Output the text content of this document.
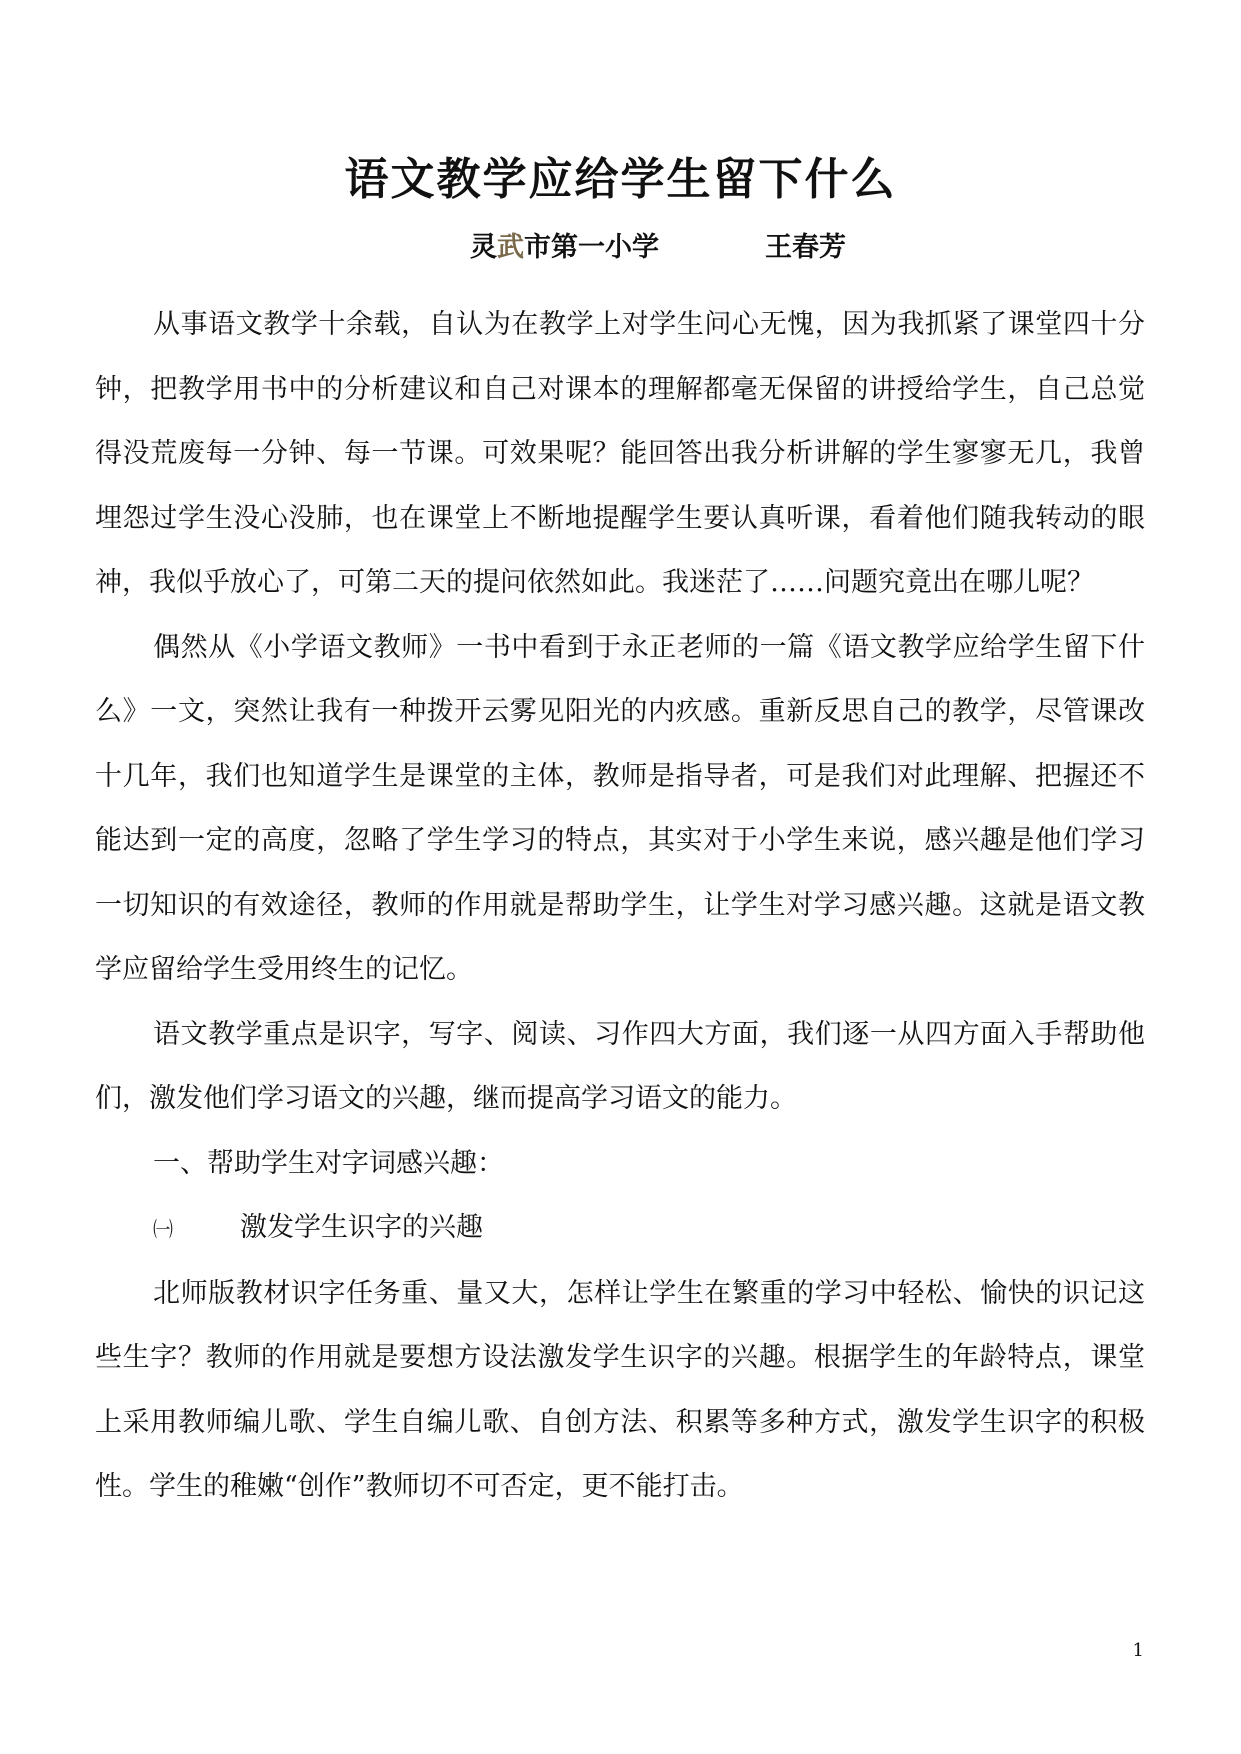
语文教学应给学生留下什么
灵武市第一小学	王春芳

从事语文教学十余载，自认为在教学上对学生问心无愧，因为我抓紧了课堂四十分钟，把教学用书中的分析建议和自己对课本的理解都毫无保留的讲授给学生，自己总觉得没荒废每一分钟、每一节课。可效果呢？能回答出我分析讲解的学生寥寥无几，我曾埋怨过学生没心没肺，也在课堂上不断地提醒学生要认真听课，看着他们随我转动的眼神，我似乎放心了，可第二天的提问依然如此。我迷茫了……问题究竟出在哪儿呢？

偶然从《小学语文教师》一书中看到于永正老师的一篇《语文教学应给学生留下什么》一文，突然让我有一种拨开云雾见阳光的内疚感。重新反思自己的教学，尽管课改十几年，我们也知道学生是课堂的主体，教师是指导者，可是我们对此理解、把握还不能达到一定的高度，忽略了学生学习的特点，其实对于小学生来说，感兴趣是他们学习一切知识的有效途径，教师的作用就是帮助学生，让学生对学习感兴趣。这就是语文教学应留给学生受用终生的记忆。

语文教学重点是识字，写字、阅读、习作四大方面，我们逐一从四方面入手帮助他们，激发他们学习语文的兴趣，继而提高学习语文的能力。

一、帮助学生对字词感兴趣：

㈠	激发学生识字的兴趣

北师版教材识字任务重、量又大，怎样让学生在繁重的学习中轻松、愉快的识记这些生字？教师的作用就是要想方设法激发学生识字的兴趣。根据学生的年龄特点，课堂上采用教师编儿歌、学生自编儿歌、自创方法、积累等多种方式，激发学生识字的积极性。学生的稚嫩“创作”教师切不可否定，更不能打击。

1
